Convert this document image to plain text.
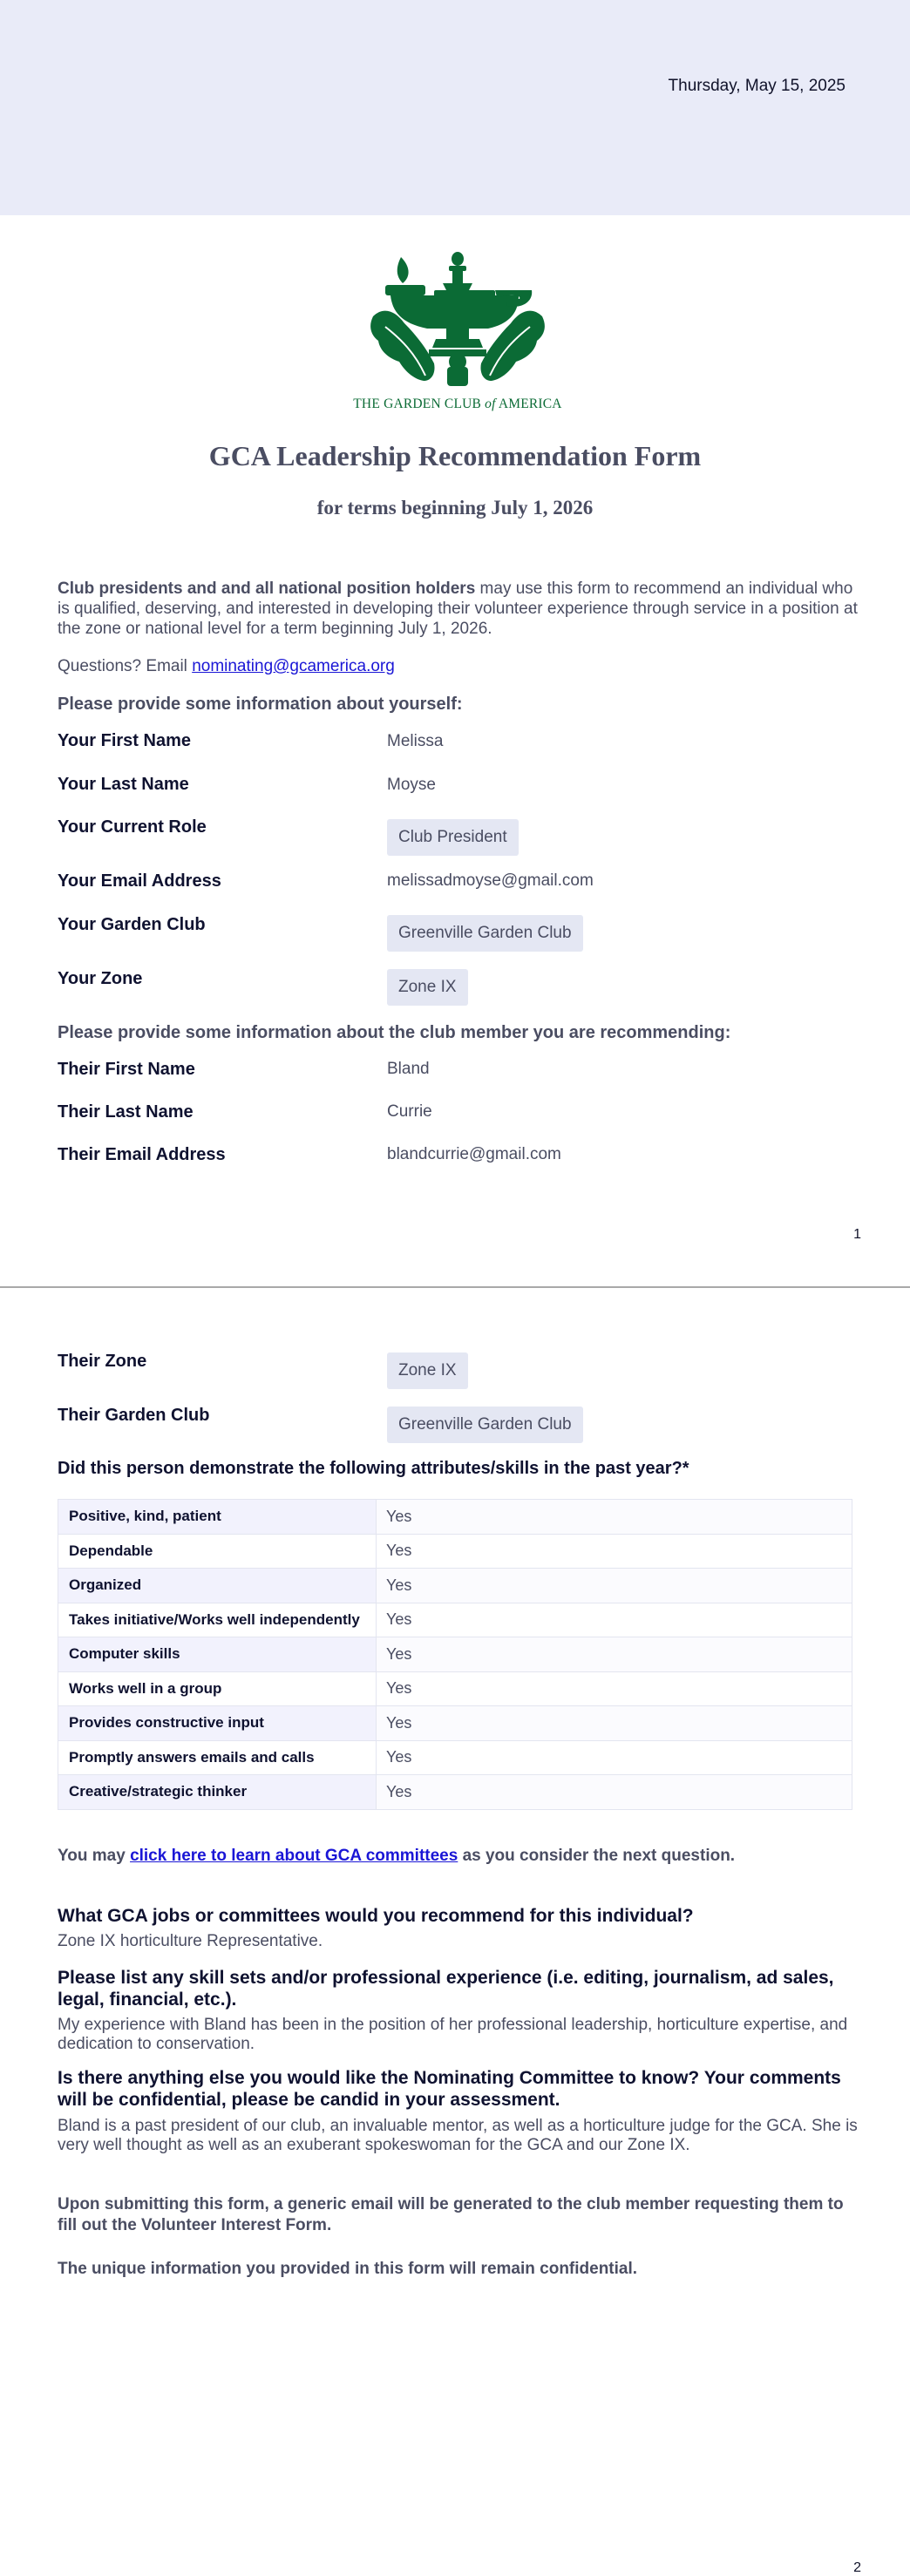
Thursday, May 15, 2025
THE GARDEN CLUB of AMERICA
GCA Leadership Recommendation Form
for terms beginning July 1, 2026
Club presidents and and all national position holders may use this form to recommend an individual who is qualified, deserving, and interested in developing their volunteer experience through service in a position at the zone or national level for a term beginning July 1, 2026.
Questions? Email nominating@gcamerica.org
Please provide some information about yourself:
Your First Name	Melissa
Your Last Name	Moyse
Your Current Role
Club President
Your Email Address	melissadmoyse@gmail.com
Your Garden Club	Greenville Garden Club
Your Zone	Zone IX
Please provide some information about the club member you are recommending:
Their First Name	Bland
Their Last Name	Currie
Their Email Address	blandcurrie@gmail.com
1
Their Zone	Zone IX
Their Garden Club	Greenville Garden Club
Did this person demonstrate the following attributes/skills in the past year?*
Positive, kind, patient	Yes
Dependable	Yes
Organized	Yes
Takes initiative/Works well independently	Yes
Computer skills	Yes
Works well in a group	Yes
Provides constructive input	Yes
Promptly answers emails and calls	Yes
Creative/strategic thinker	Yes
You may click here to learn about GCA committees as you consider the next question.
What GCA jobs or committees would you recommend for this individual?
Zone IX horticulture Representative.
Please list any skill sets and/or professional experience (i.e. editing, journalism, ad sales, legal, financial, etc.).
My experience with Bland has been in the position of her professional leadership, horticulture expertise, and dedication to conservation.
Is there anything else you would like the Nominating Committee to know? Your comments will be confidential, please be candid in your assessment.
Bland is a past president of our club, an invaluable mentor, as well as a horticulture judge for the GCA. She is very well thought as well as an exuberant spokeswoman for the GCA and our Zone IX.
Upon submitting this form, a generic email will be generated to the club member requesting them to fill out the Volunteer Interest Form.
The unique information you provided in this form will remain confidential.
2
